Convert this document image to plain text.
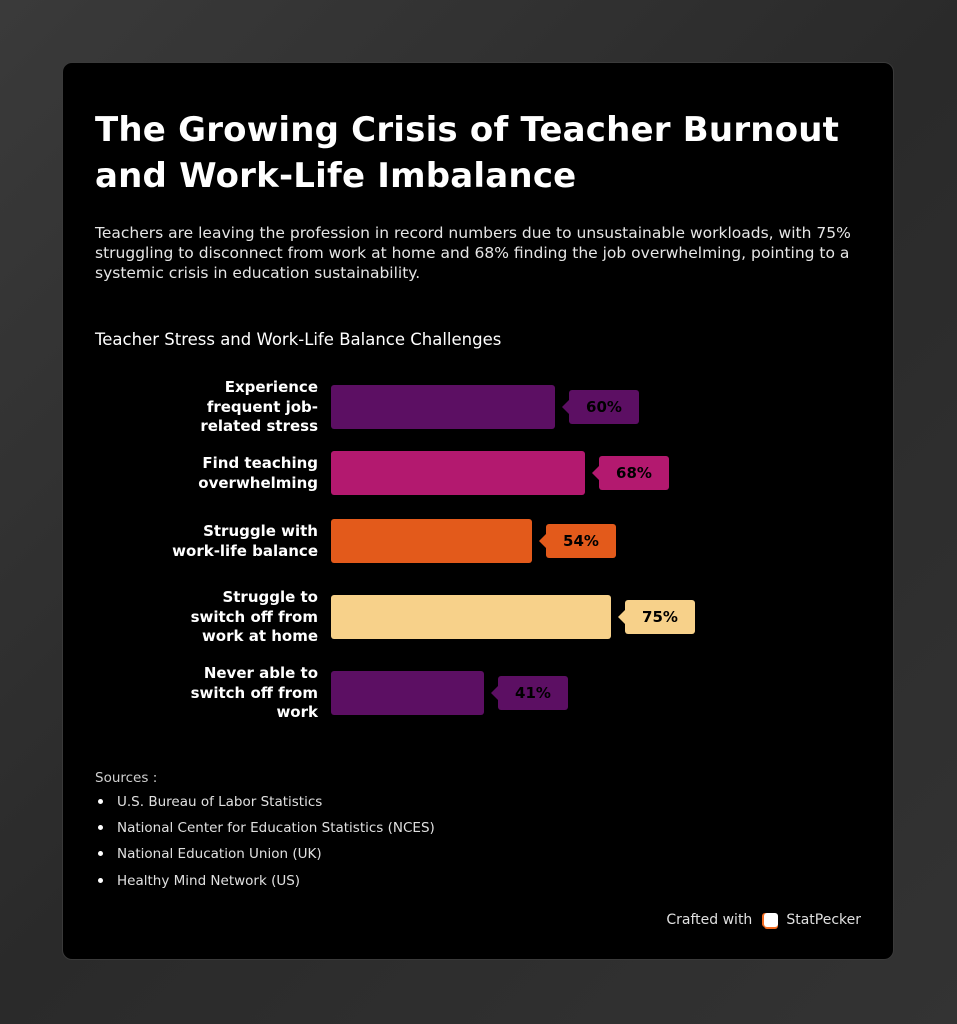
The Growing Crisis of Teacher Burnout and Work-Life Imbalance

Teachers are leaving the profession in record numbers due to unsustainable workloads, with 75% struggling to disconnect from work at home and 68% finding the job overwhelming, pointing to a systemic crisis in education sustainability.

Teacher Stress and Work-Life Balance Challenges
Experience frequent job-related stress
60%
Find teaching overwhelming
68%
Struggle with work-life balance
54%
Struggle to switch off from work at home
75%
Never able to switch off from work
41%
Sources :
U.S. Bureau of Labor Statistics
National Center for Education Statistics (NCES)
National Education Union (UK)
Healthy Mind Network (US)
Crafted with StatPecker
